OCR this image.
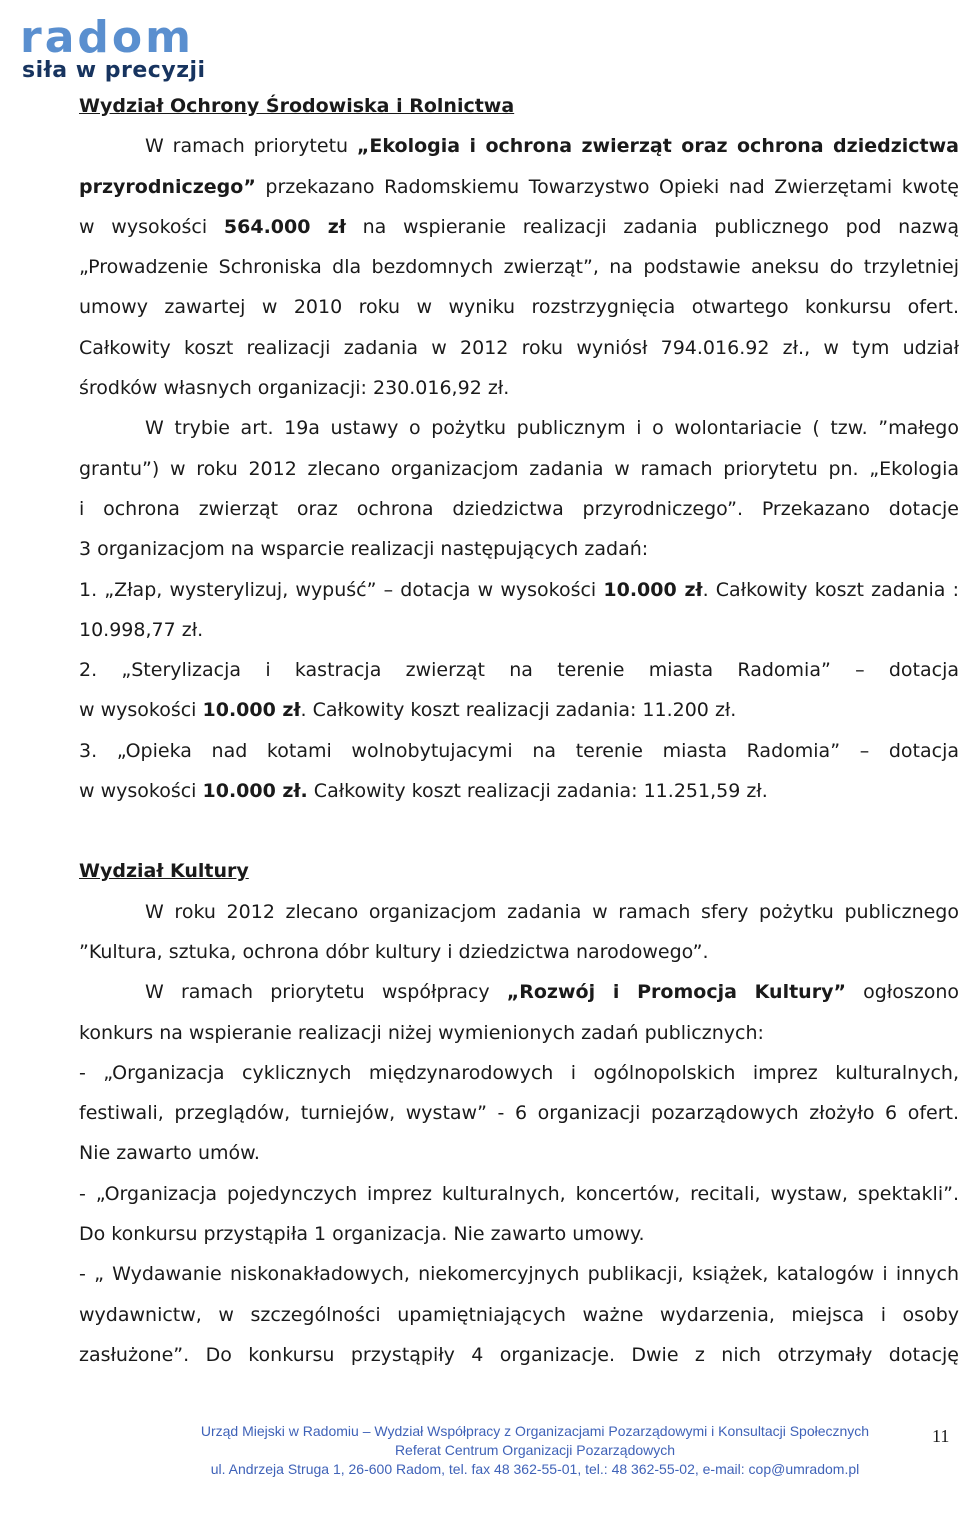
radom
siła w precyzji
Wydział Ochrony Środowiska i Rolnictwa
W ramach priorytetu „Ekologia i ochrona zwierząt oraz ochrona dziedzictwa
przyrodniczego” przekazano Radomskiemu Towarzystwo Opieki nad Zwierzętami kwotę
w wysokości 564.000 zł na wspieranie realizacji zadania publicznego pod nazwą
„Prowadzenie Schroniska dla bezdomnych zwierząt”, na podstawie aneksu do trzyletniej
umowy zawartej w 2010 roku w wyniku rozstrzygnięcia otwartego konkursu ofert.
Całkowity koszt realizacji zadania w 2012 roku wyniósł 794.016.92 zł., w tym udział
środków własnych organizacji: 230.016,92 zł.
W trybie art. 19a ustawy o pożytku publicznym i o wolontariacie ( tzw. ”małego
grantu”) w roku 2012 zlecano organizacjom zadania w ramach priorytetu pn. „Ekologia
i ochrona zwierząt oraz ochrona dziedzictwa przyrodniczego”. Przekazano dotacje
3 organizacjom na wsparcie realizacji następujących zadań:
1. „Złap, wysterylizuj, wypuść” – dotacja w wysokości 10.000 zł. Całkowity koszt zadania :
10.998,77 zł.
2. „Sterylizacja i kastracja zwierząt na terenie miasta Radomia” – dotacja
w wysokości 10.000 zł. Całkowity koszt realizacji zadania: 11.200 zł.
3. „Opieka nad kotami wolnobytujacymi na terenie miasta Radomia” – dotacja
w wysokości 10.000 zł. Całkowity koszt realizacji zadania: 11.251,59 zł.
Wydział Kultury
W roku 2012 zlecano organizacjom zadania w ramach sfery pożytku publicznego
”Kultura, sztuka, ochrona dóbr kultury i dziedzictwa narodowego”.
W ramach priorytetu współpracy „Rozwój i Promocja Kultury” ogłoszono
konkurs na wspieranie realizacji niżej wymienionych zadań publicznych:
- „Organizacja cyklicznych międzynarodowych i ogólnopolskich imprez kulturalnych,
festiwali, przeglądów, turniejów, wystaw” - 6 organizacji pozarządowych złożyło 6 ofert.
Nie zawarto umów.
- „Organizacja pojedynczych imprez kulturalnych, koncertów, recitali, wystaw, spektakli”.
Do konkursu przystąpiła 1 organizacja. Nie zawarto umowy.
- „ Wydawanie niskonakładowych, niekomercyjnych publikacji, książek, katalogów i innych
wydawnictw, w szczególności upamiętniających ważne wydarzenia, miejsca i osoby
zasłużone”. Do konkursu przystąpiły 4 organizacje. Dwie z nich otrzymały dotację
Urząd Miejski w Radomiu – Wydział Współpracy z Organizacjami Pozarządowymi i Konsultacji Społecznych
Referat Centrum Organizacji Pozarządowych
ul. Andrzeja Struga 1, 26-600 Radom, tel. fax 48 362-55-01, tel.: 48 362-55-02, e-mail: cop@umradom.pl
11
